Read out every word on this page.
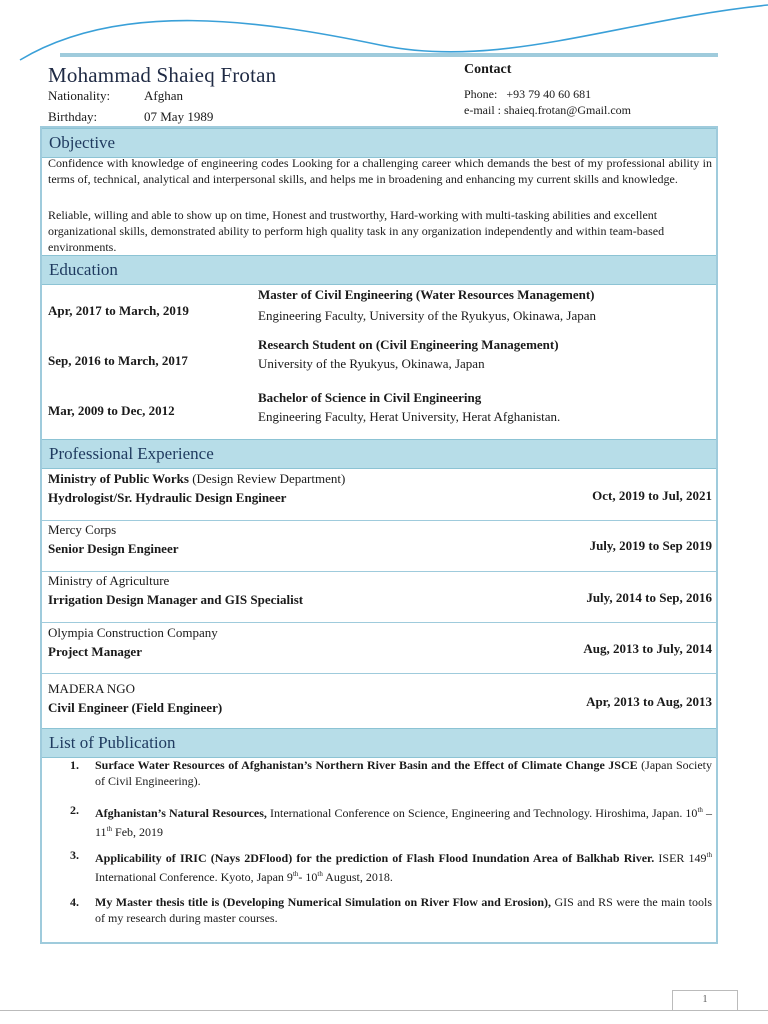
Mohammad Shaieq Frotan
Nationality:	Afghan
Birthday:	07 May 1989
Contact
Phone:   +93 79 40 60 681
e-mail : shaieq.frotan@Gmail.com
Objective
Confidence with knowledge of engineering codes Looking for a challenging career which demands the best of my professional ability in terms of, technical, analytical and interpersonal skills, and helps me in broadening and enhancing my current skills and knowledge.
Reliable, willing and able to show up on time, Honest and trustworthy, Hard-working with multi-tasking abilities and excellent organizational skills, demonstrated ability to perform high quality task in any organization independently and within team-based environments.
Education
Apr, 2017 to March, 2019
Master of Civil Engineering (Water Resources Management)
Engineering Faculty, University of the Ryukyus, Okinawa, Japan
Sep, 2016 to March, 2017
Research Student on (Civil Engineering Management)
University of the Ryukyus, Okinawa, Japan
Mar, 2009 to Dec, 2012
Bachelor of Science in Civil Engineering
Engineering Faculty, Herat University, Herat Afghanistan.
Professional Experience
Ministry of Public Works (Design Review Department)
Hydrologist/Sr. Hydraulic Design Engineer	Oct, 2019 to Jul, 2021
Mercy Corps
Senior Design Engineer	July, 2019 to Sep 2019
Ministry of Agriculture
Irrigation Design Manager and GIS Specialist	July, 2014 to Sep, 2016
Olympia Construction Company
Project Manager	Aug, 2013 to July, 2014
MADERA NGO
Civil Engineer (Field Engineer)	Apr, 2013 to Aug, 2013
List of Publication
1. Surface Water Resources of Afghanistan’s Northern River Basin and the Effect of Climate Change JSCE (Japan Society of Civil Engineering).
2. Afghanistan’s Natural Resources, International Conference on Science, Engineering and Technology. Hiroshima, Japan. 10th – 11th Feb, 2019
3. Applicability of IRIC (Nays 2DFlood) for the prediction of Flash Flood Inundation Area of Balkhab River. ISER 149th International Conference. Kyoto, Japan 9th- 10th August, 2018.
4. My Master thesis title is (Developing Numerical Simulation on River Flow and Erosion), GIS and RS were the main tools of my research during master courses.
1
